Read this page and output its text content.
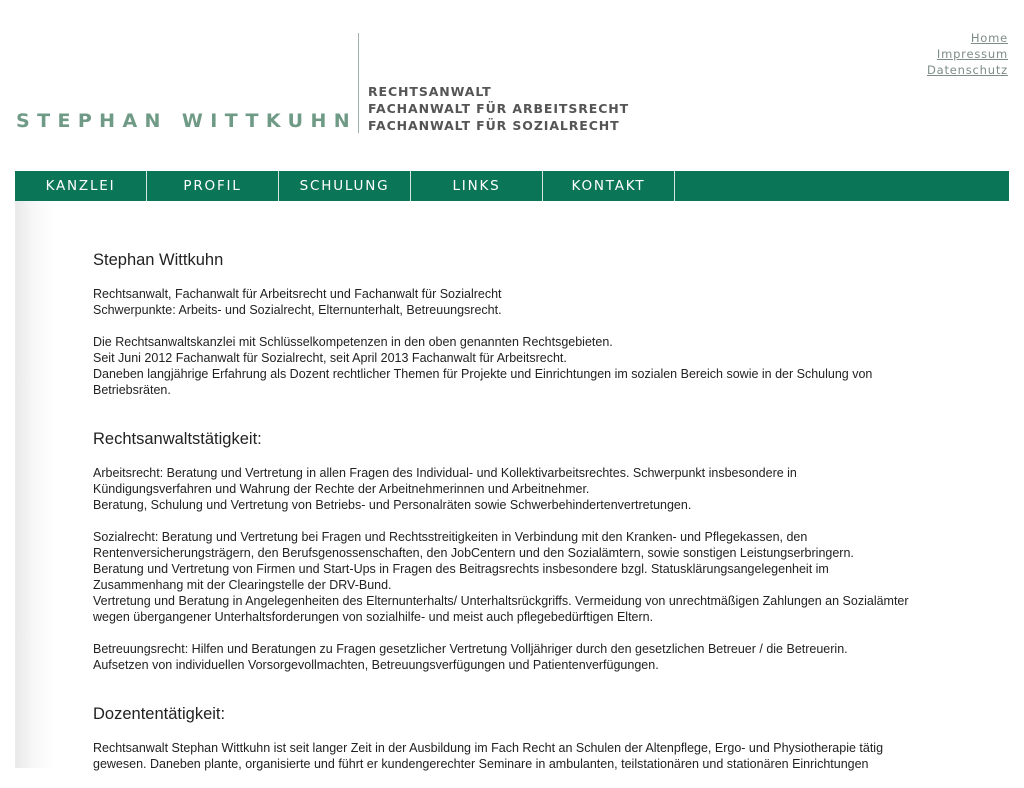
Home
Impressum
Datenschutz
STEPHAN WITTKUHN
RECHTSANWALT
FACHANWALT FÜR ARBEITSRECHT
FACHANWALT FÜR SOZIALRECHT
KANZLEI	PROFIL	SCHULUNG	LINKS	KONTAKT
Stephan Wittkuhn

Rechtsanwalt, Fachanwalt für Arbeitsrecht und Fachanwalt für Sozialrecht
Schwerpunkte: Arbeits- und Sozialrecht, Elternunterhalt, Betreuungsrecht.

Die Rechtsanwaltskanzlei mit Schlüsselkompetenzen in den oben genannten Rechtsgebieten.
Seit Juni 2012 Fachanwalt für Sozialrecht, seit April 2013 Fachanwalt für Arbeitsrecht.
Daneben langjährige Erfahrung als Dozent rechtlicher Themen für Projekte und Einrichtungen im sozialen Bereich sowie in der Schulung von Betriebsräten.

Rechtsanwaltstätigkeit:

Arbeitsrecht: Beratung und Vertretung in allen Fragen des Individual- und Kollektivarbeitsrechtes. Schwerpunkt insbesondere in Kündigungsverfahren und Wahrung der Rechte der Arbeitnehmerinnen und Arbeitnehmer.
Beratung, Schulung und Vertretung von Betriebs- und Personalräten sowie Schwerbehindertenvertretungen.

Sozialrecht: Beratung und Vertretung bei Fragen und Rechtsstreitigkeiten in Verbindung mit den Kranken- und Pflegekassen, den Rentenversicherungsträgern, den Berufsgenossenschaften, den JobCentern und den Sozialämtern, sowie sonstigen Leistungserbringern.
Beratung und Vertretung von Firmen und Start-Ups in Fragen des Beitragsrechts insbesondere bzgl. Statusklärungsangelegenheit im Zusammenhang mit der Clearingstelle der DRV-Bund.
Vertretung und Beratung in Angelegenheiten des Elternunterhalts/ Unterhaltsrückgriffs. Vermeidung von unrechtmäßigen Zahlungen an Sozialämter wegen übergangener Unterhaltsforderungen von sozialhilfe- und meist auch pflegebedürftigen Eltern.

Betreuungsrecht: Hilfen und Beratungen zu Fragen gesetzlicher Vertretung Volljähriger durch den gesetzlichen Betreuer / die Betreuerin.
Aufsetzen von individuellen Vorsorgevollmachten, Betreuungsverfügungen und Patientenverfügungen.

Dozententätigkeit:

Rechtsanwalt Stephan Wittkuhn ist seit langer Zeit in der Ausbildung im Fach Recht an Schulen der Altenpflege, Ergo- und Physiotherapie tätig gewesen. Daneben plante, organisierte und führt er kundengerechter Seminare in ambulanten, teilstationären und stationären Einrichtungen
